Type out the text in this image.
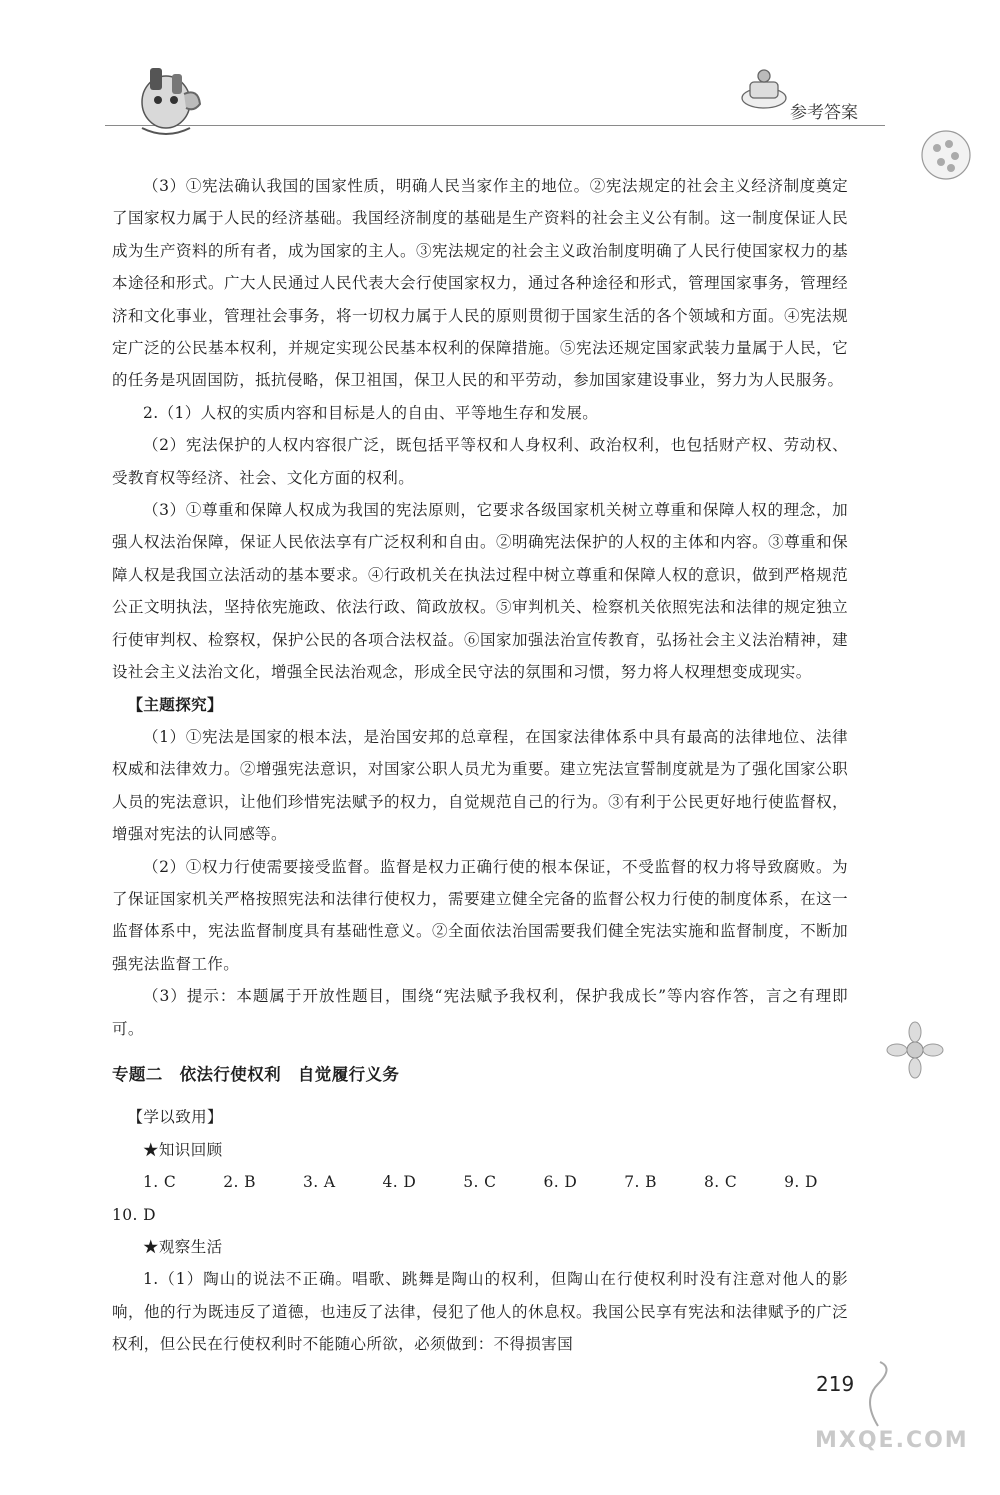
参考答案

（3）①宪法确认我国的国家性质，明确人民当家作主的地位。②宪法规定的社会主义经济制度奠定了国家权力属于人民的经济基础。我国经济制度的基础是生产资料的社会主义公有制。这一制度保证人民成为生产资料的所有者，成为国家的主人。③宪法规定的社会主义政治制度明确了人民行使国家权力的基本途径和形式。广大人民通过人民代表大会行使国家权力，通过各种途径和形式，管理国家事务，管理经济和文化事业，管理社会事务，将一切权力属于人民的原则贯彻于国家生活的各个领域和方面。④宪法规定广泛的公民基本权利，并规定实现公民基本权利的保障措施。⑤宪法还规定国家武装力量属于人民，它的任务是巩固国防，抵抗侵略，保卫祖国，保卫人民的和平劳动，参加国家建设事业，努力为人民服务。

2.（1）人权的实质内容和目标是人的自由、平等地生存和发展。

（2）宪法保护的人权内容很广泛，既包括平等权和人身权利、政治权利，也包括财产权、劳动权、受教育权等经济、社会、文化方面的权利。

（3）①尊重和保障人权成为我国的宪法原则，它要求各级国家机关树立尊重和保障人权的理念，加强人权法治保障，保证人民依法享有广泛权利和自由。②明确宪法保护的人权的主体和内容。③尊重和保障人权是我国立法活动的基本要求。④行政机关在执法过程中树立尊重和保障人权的意识，做到严格规范公正文明执法，坚持依宪施政、依法行政、简政放权。⑤审判机关、检察机关依照宪法和法律的规定独立行使审判权、检察权，保护公民的各项合法权益。⑥国家加强法治宣传教育，弘扬社会主义法治精神，建设社会主义法治文化，增强全民法治观念，形成全民守法的氛围和习惯，努力将人权理想变成现实。

【主题探究】

（1）①宪法是国家的根本法，是治国安邦的总章程，在国家法律体系中具有最高的法律地位、法律权威和法律效力。②增强宪法意识，对国家公职人员尤为重要。建立宪法宣誓制度就是为了强化国家公职人员的宪法意识，让他们珍惜宪法赋予的权力，自觉规范自己的行为。③有利于公民更好地行使监督权，增强对宪法的认同感等。

（2）①权力行使需要接受监督。监督是权力正确行使的根本保证，不受监督的权力将导致腐败。为了保证国家机关严格按照宪法和法律行使权力，需要建立健全完备的监督公权力行使的制度体系，在这一监督体系中，宪法监督制度具有基础性意义。②全面依法治国需要我们健全宪法实施和监督制度，不断加强宪法监督工作。

（3）提示：本题属于开放性题目，围绕“宪法赋予我权利，保护我成长”等内容作答，言之有理即可。

专题二　依法行使权利　自觉履行义务

【学以致用】

★知识回顾

1. C	2. B	3. A	4. D	5. C	6. D	7. B	8. C	9. D

10. D

★观察生活

1.（1）陶山的说法不正确。唱歌、跳舞是陶山的权利，但陶山在行使权利时没有注意对他人的影响，他的行为既违反了道德，也违反了法律，侵犯了他人的休息权。我国公民享有宪法和法律赋予的广泛权利，但公民在行使权利时不能随心所欲，必须做到：不得损害国

219
MXQE.COM
